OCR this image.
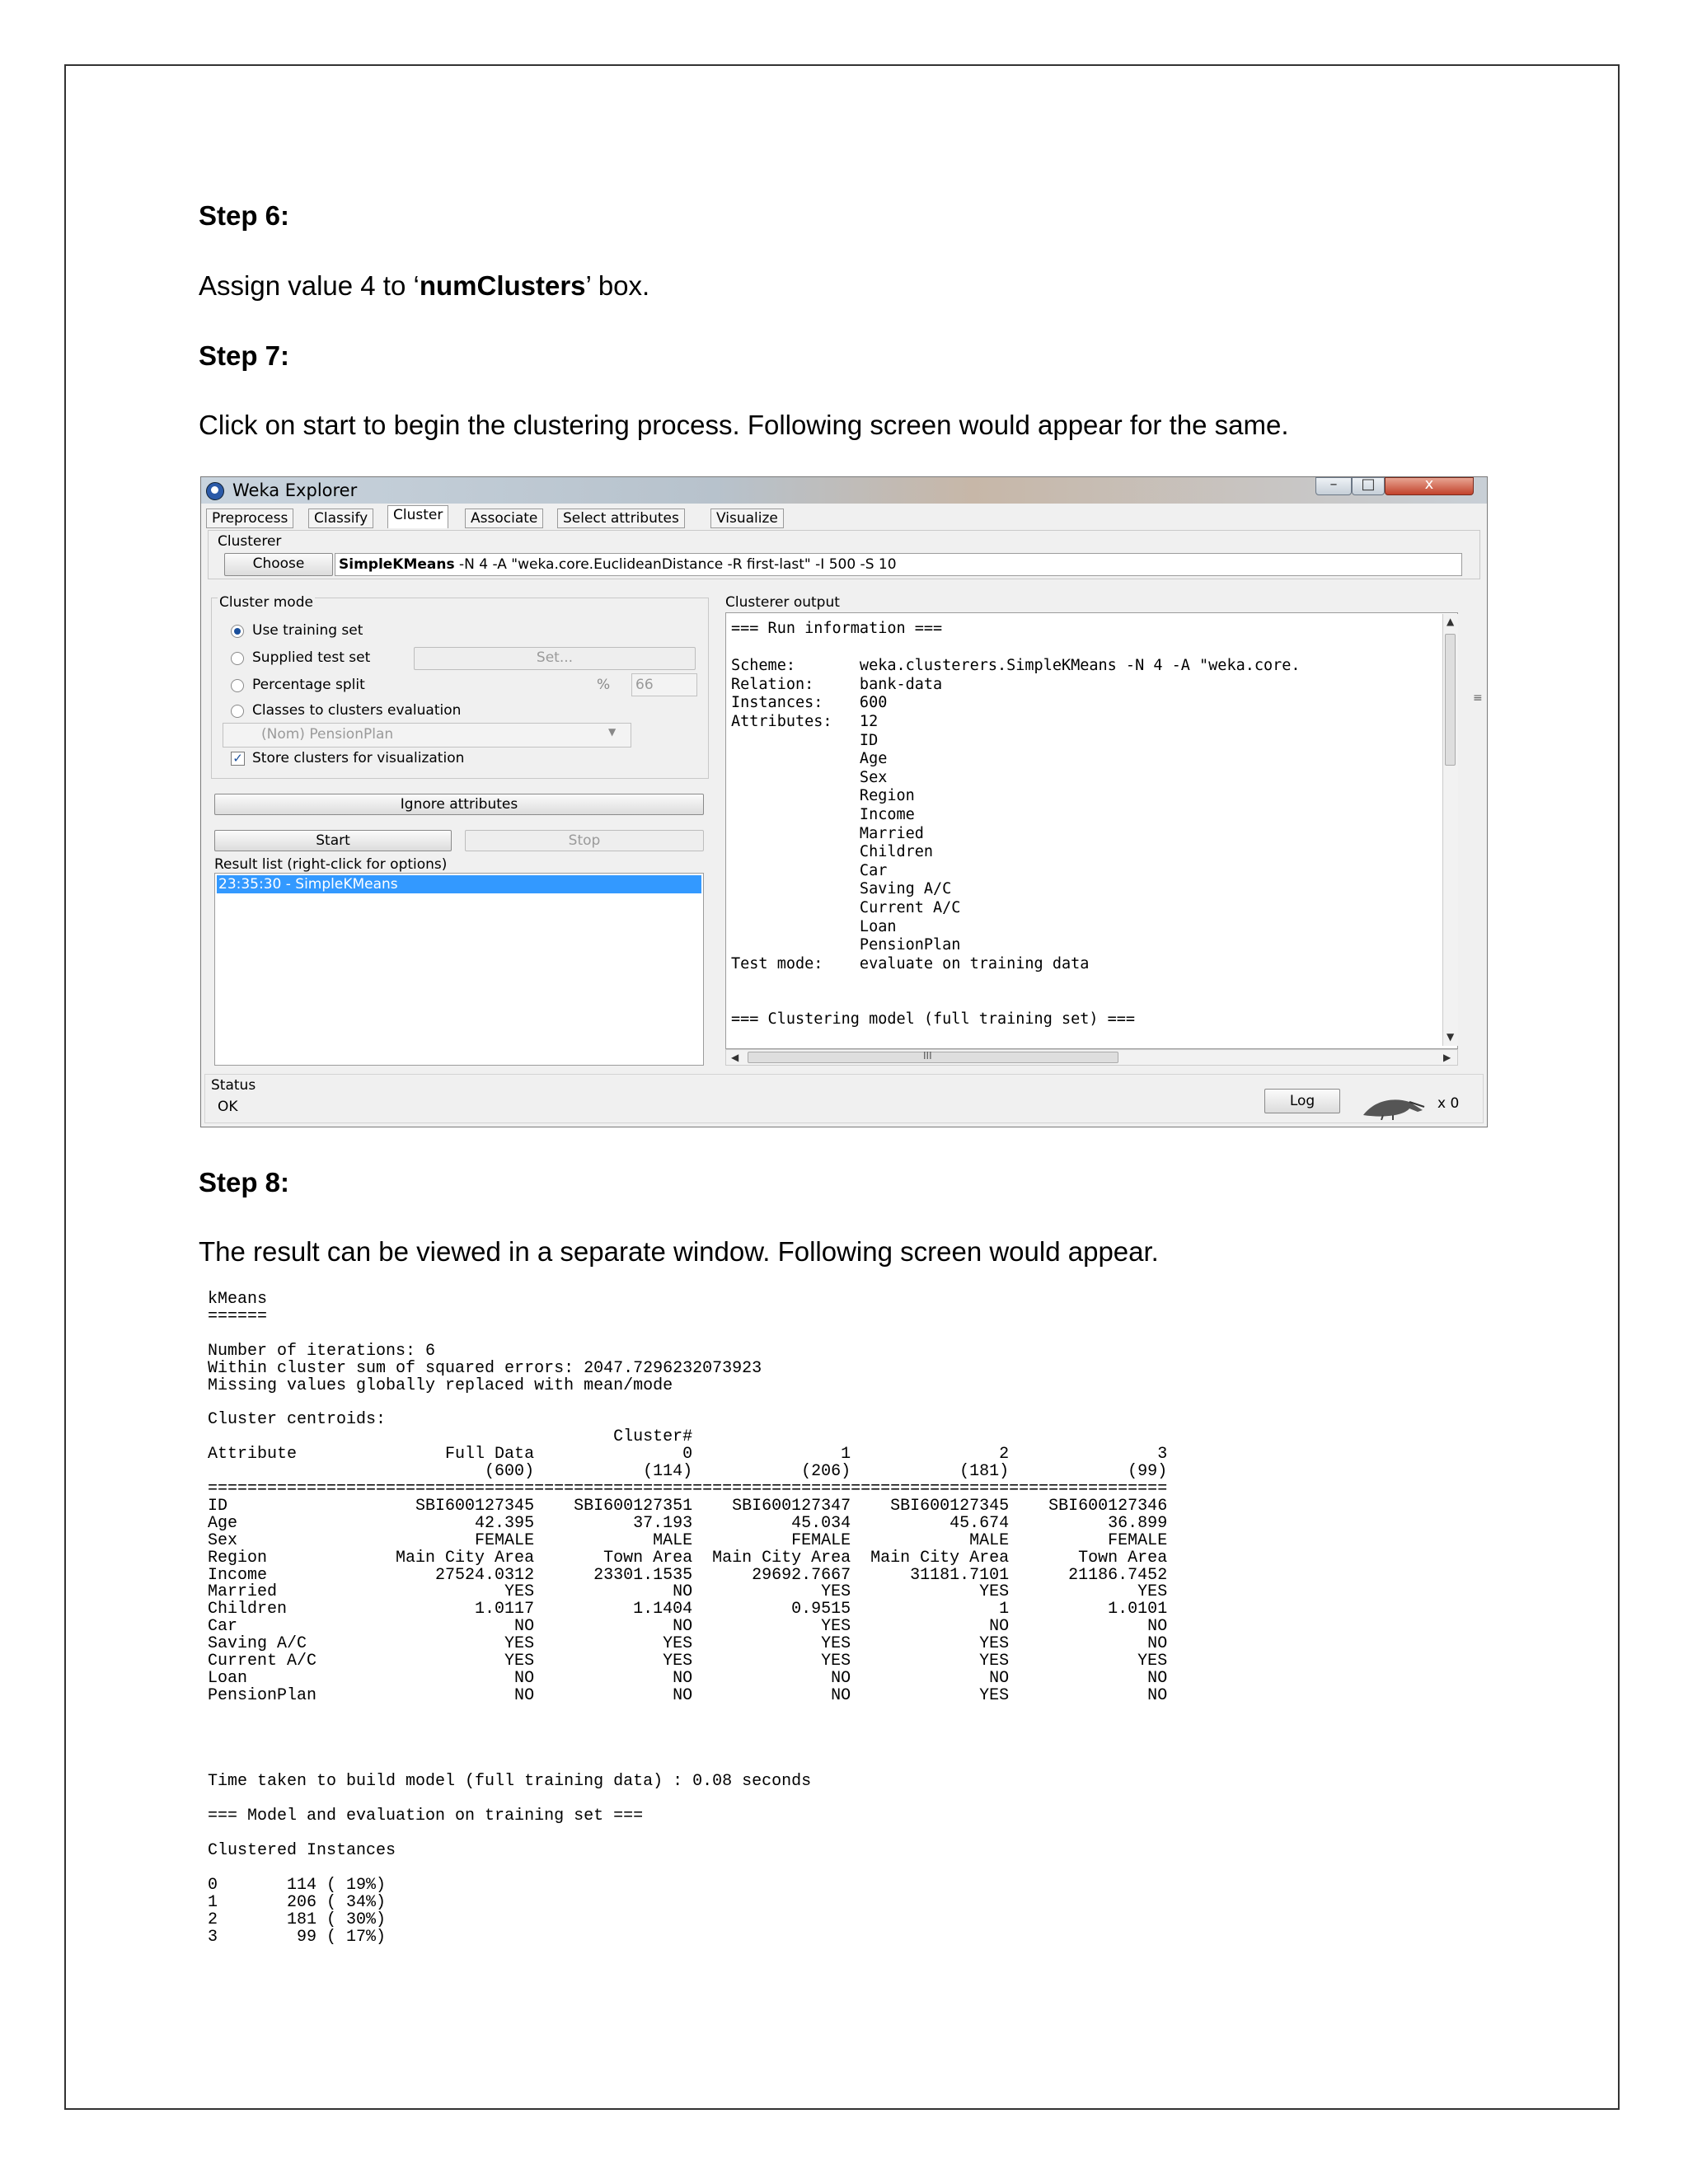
Step 6:
Assign value 4 to ‘numClusters’ box.
Step 7:
Click on start to begin the clustering process. Following screen would appear for the same.
Weka Explorer	–	□	x
Preprocess	Classify	Cluster	Associate	Select attributes	Visualize
Clusterer
Choose	SimpleKMeans -N 4 -A "weka.core.EuclideanDistance -R first-last" -I 500 -S 10
Cluster mode
Use training set
Supplied test set	Set...
Percentage split	% 66
Classes to clusters evaluation
(Nom) PensionPlan	▼
✓ Store clusters for visualization
Ignore attributes
Start	Stop
Result list (right-click for options)
23:35:30 - SimpleKMeans
Clusterer output
=== Run information ===

Scheme:       weka.clusterers.SimpleKMeans -N 4 -A "weka.core.
Relation:     bank-data
Instances:    600
Attributes:   12
ID
Age
Sex
Region
Income
Married
Children
Car
Saving A/C
Current A/C
Loan
PensionPlan
Test mode:    evaluate on training data

=== Clustering model (full training set) ===
▲
≡
▼
◀	III	▶
Status
OK	Log	x 0
Step 8:
The result can be viewed in a separate window. Following screen would appear.
kMeans
======

Number of iterations: 6
Within cluster sum of squared errors: 2047.7296232073923
Missing values globally replaced with mean/mode

Cluster centroids:
Cluster#
Attribute               Full Data               0               1               2               3
(600)           (114)           (206)           (181)            (99)
=================================================================================================
ID                   SBI600127345    SBI600127351    SBI600127347    SBI600127345    SBI600127346
Age                        42.395          37.193          45.034          45.674          36.899
Sex                        FEMALE            MALE          FEMALE            MALE          FEMALE
Region             Main City Area       Town Area  Main City Area  Main City Area       Town Area
Income                 27524.0312      23301.1535      29692.7667      31181.7101      21186.7452
Married                       YES              NO             YES             YES             YES
Children                   1.0117          1.1404          0.9515               1          1.0101
Car                            NO              NO             YES              NO              NO
Saving A/C                    YES             YES             YES             YES              NO
Current A/C                   YES             YES             YES             YES             YES
Loan                           NO              NO              NO              NO              NO
PensionPlan                    NO              NO              NO             YES              NO

Time taken to build model (full training data) : 0.08 seconds

=== Model and evaluation on training set ===

Clustered Instances

0       114 ( 19%)
1       206 ( 34%)
2       181 ( 30%)
3        99 ( 17%)
